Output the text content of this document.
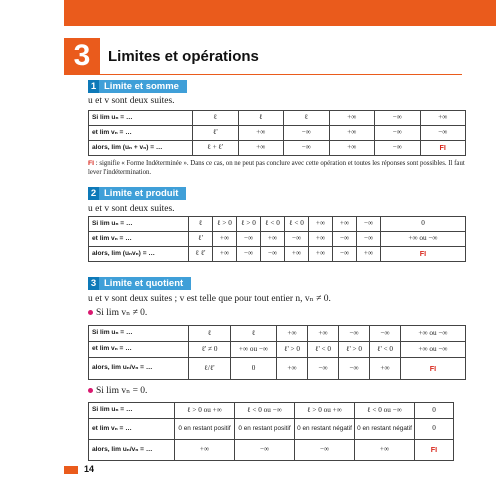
3	Limites et opérations
1 Limite et somme
u et v sont deux suites.
Si lim uₙ = …	ℓ	ℓ	ℓ	+∞	−∞	+∞
et lim vₙ = …	ℓ'	+∞	−∞	+∞	−∞	−∞
alors, lim (uₙ + vₙ) = …	ℓ + ℓ'	+∞	−∞	+∞	−∞	FI
FI : signifie « Forme Indéterminée ». Dans ce cas, on ne peut pas conclure avec cette opération et toutes les réponses sont possibles. Il faut lever l'indétermination.
2 Limite et produit
u et v sont deux suites.
Si lim uₙ = …	ℓ	ℓ > 0	ℓ > 0	ℓ < 0	ℓ < 0	+∞	+∞	−∞	0
et lim vₙ = …	ℓ'	+∞	−∞	+∞	−∞	+∞	−∞	−∞	+∞ ou −∞
alors, lim (uₙvₙ) = …	ℓ ℓ'	+∞	−∞	−∞	+∞	+∞	−∞	+∞	FI
3 Limite et quotient
u et v sont deux suites ; v est telle que pour tout entier n, vₙ ≠ 0.
Si lim vₙ ≠ 0.
Si lim uₙ = …	ℓ	ℓ	+∞	+∞	−∞	−∞	+∞ ou −∞
et lim vₙ = …	ℓ' ≠ 0	+∞ ou −∞	ℓ' > 0	ℓ' < 0	ℓ' > 0	ℓ' < 0	+∞ ou −∞
alors, lim uₙ/vₙ = …	ℓ/ℓ'	0	+∞	−∞	−∞	+∞	FI
Si lim vₙ = 0.
Si lim uₙ = …	ℓ > 0 ou +∞	ℓ < 0 ou −∞	ℓ > 0 ou +∞	ℓ < 0 ou −∞	0
et lim vₙ = …	0 en restant positif	0 en restant positif	0 en restant négatif	0 en restant négatif	0
alors, lim uₙ/vₙ = …	+∞	−∞	−∞	+∞	FI
14
